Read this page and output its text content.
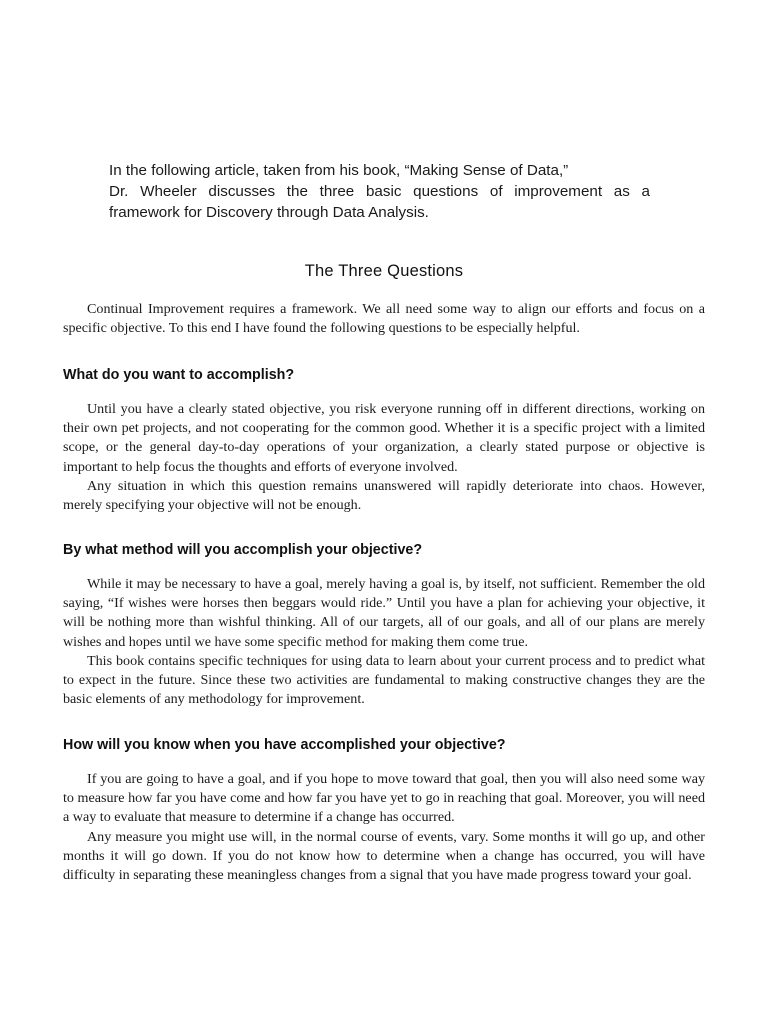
In the following article, taken from his book, “Making Sense of Data,”

Dr. Wheeler discusses the three basic questions of improvement as a framework for Discovery through Data Analysis.

The Three Questions

Continual Improvement requires a framework. We all need some way to align our efforts and focus on a specific objective. To this end I have found the following questions to be especially helpful.

What do you want to accomplish?

Until you have a clearly stated objective, you risk everyone running off in different directions, working on their own pet projects, and not cooperating for the common good. Whether it is a specific project with a limited scope, or the general day-to-day operations of your organization, a clearly stated purpose or objective is important to help focus the thoughts and efforts of everyone involved.

Any situation in which this question remains unanswered will rapidly deteriorate into chaos. However, merely specifying your objective will not be enough.

By what method will you accomplish your objective?

While it may be necessary to have a goal, merely having a goal is, by itself, not sufficient. Remember the old saying, “If wishes were horses then beggars would ride.” Until you have a plan for achieving your objective, it will be nothing more than wishful thinking. All of our targets, all of our goals, and all of our plans are merely wishes and hopes until we have some specific method for making them come true.

This book contains specific techniques for using data to learn about your current process and to predict what to expect in the future. Since these two activities are fundamental to making constructive changes they are the basic elements of any methodology for improvement.

How will you know when you have accomplished your objective?

If you are going to have a goal, and if you hope to move toward that goal, then you will also need some way to measure how far you have come and how far you have yet to go in reaching that goal. Moreover, you will need a way to evaluate that measure to determine if a change has occurred.

Any measure you might use will, in the normal course of events, vary. Some months it will go up, and other months it will go down. If you do not know how to determine when a change has occurred, you will have difficulty in separating these meaningless changes from a signal that you have made progress toward your goal.
